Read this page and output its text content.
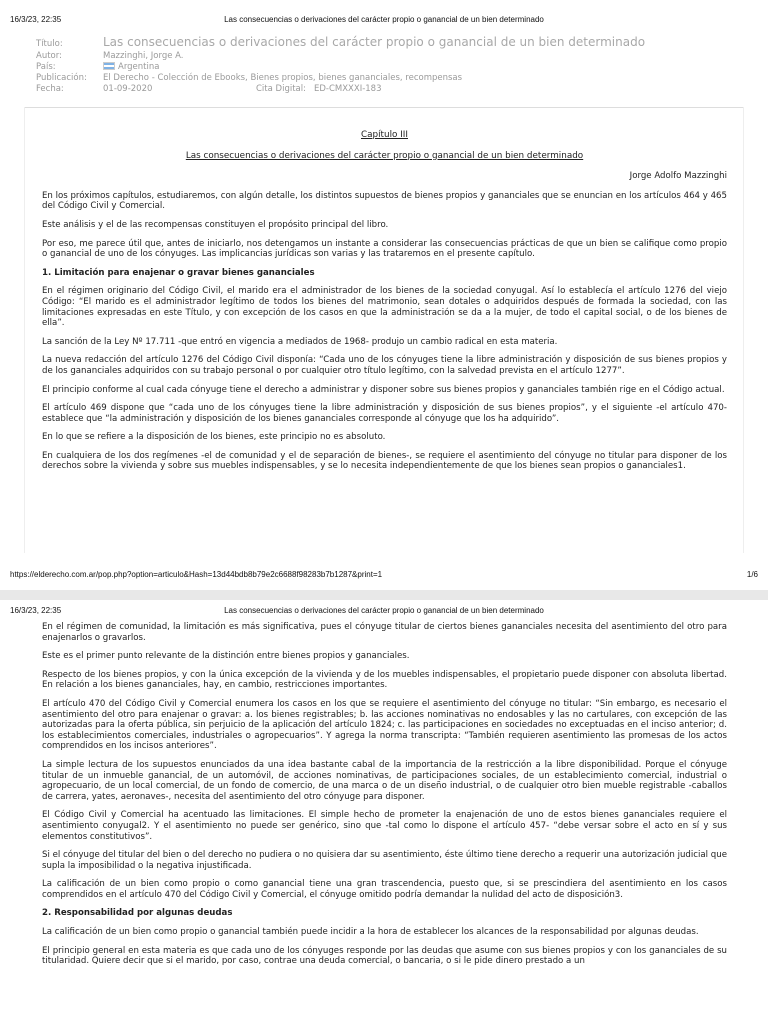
16/3/23, 22:35	Las consecuencias o derivaciones del carácter propio o ganancial de un bien determinado
Título:	Las consecuencias o derivaciones del carácter propio o ganancial de un bien determinado
Autor:	Mazzinghi, Jorge A.
País:	Argentina
Publicación:	El Derecho - Colección de Ebooks, Bienes propios, bienes gananciales, recompensas
Fecha:	01-09-2020	Cita Digital: ED-CMXXXI-183
Capítulo III
Las consecuencias o derivaciones del carácter propio o ganancial de un bien determinado
Jorge Adolfo Mazzinghi

En los próximos capítulos, estudiaremos, con algún detalle, los distintos supuestos de bienes propios y gananciales que se enuncian en los artículos 464 y 465 del Código Civil y Comercial.

Este análisis y el de las recompensas constituyen el propósito principal del libro.

Por eso, me parece útil que, antes de iniciarlo, nos detengamos un instante a considerar las consecuencias prácticas de que un bien se califique como propio o ganancial de uno de los cónyuges. Las implicancias jurídicas son varias y las trataremos en el presente capítulo.

1. Limitación para enajenar o gravar bienes gananciales

En el régimen originario del Código Civil, el marido era el administrador de los bienes de la sociedad conyugal. Así lo establecía el artículo 1276 del viejo Código: “El marido es el administrador legítimo de todos los bienes del matrimonio, sean dotales o adquiridos después de formada la sociedad, con las limitaciones expresadas en este Título, y con excepción de los casos en que la administración se da a la mujer, de todo el capital social, o de los bienes de ella”.

La sanción de la Ley Nº 17.711 -que entró en vigencia a mediados de 1968- produjo un cambio radical en esta materia.

La nueva redacción del artículo 1276 del Código Civil disponía: “Cada uno de los cónyuges tiene la libre administración y disposición de sus bienes propios y de los gananciales adquiridos con su trabajo personal o por cualquier otro título legítimo, con la salvedad prevista en el artículo 1277”.

El principio conforme al cual cada cónyuge tiene el derecho a administrar y disponer sobre sus bienes propios y gananciales también rige en el Código actual.

El artículo 469 dispone que “cada uno de los cónyuges tiene la libre administración y disposición de sus bienes propios”, y el siguiente -el artículo 470- establece que “la administración y disposición de los bienes gananciales corresponde al cónyuge que los ha adquirido”.

En lo que se refiere a la disposición de los bienes, este principio no es absoluto.

En cualquiera de los dos regímenes -el de comunidad y el de separación de bienes-, se requiere el asentimiento del cónyuge no titular para disponer de los derechos sobre la vivienda y sobre sus muebles indispensables, y se lo necesita independientemente de que los bienes sean propios o gananciales1.

https://elderecho.com.ar/pop.php?option=articulo&Hash=13d44bdb8b79e2c6688f98283b7b1287&print=1	1/6
16/3/23, 22:35	Las consecuencias o derivaciones del carácter propio o ganancial de un bien determinado

En el régimen de comunidad, la limitación es más significativa, pues el cónyuge titular de ciertos bienes gananciales necesita del asentimiento del otro para enajenarlos o gravarlos.

Este es el primer punto relevante de la distinción entre bienes propios y gananciales.

Respecto de los bienes propios, y con la única excepción de la vivienda y de los muebles indispensables, el propietario puede disponer con absoluta libertad. En relación a los bienes gananciales, hay, en cambio, restricciones importantes.

El artículo 470 del Código Civil y Comercial enumera los casos en los que se requiere el asentimiento del cónyuge no titular: “Sin embargo, es necesario el asentimiento del otro para enajenar o gravar: a. los bienes registrables; b. las acciones nominativas no endosables y las no cartulares, con excepción de las autorizadas para la oferta pública, sin perjuicio de la aplicación del artículo 1824; c. las participaciones en sociedades no exceptuadas en el inciso anterior; d. los establecimientos comerciales, industriales o agropecuarios”. Y agrega la norma transcripta: “También requieren asentimiento las promesas de los actos comprendidos en los incisos anteriores”.

La simple lectura de los supuestos enunciados da una idea bastante cabal de la importancia de la restricción a la libre disponibilidad. Porque el cónyuge titular de un inmueble ganancial, de un automóvil, de acciones nominativas, de participaciones sociales, de un establecimiento comercial, industrial o agropecuario, de un local comercial, de un fondo de comercio, de una marca o de un diseño industrial, o de cualquier otro bien mueble registrable -caballos de carrera, yates, aeronaves-, necesita del asentimiento del otro cónyuge para disponer.

El Código Civil y Comercial ha acentuado las limitaciones. El simple hecho de prometer la enajenación de uno de estos bienes gananciales requiere el asentimiento conyugal2. Y el asentimiento no puede ser genérico, sino que -tal como lo dispone el artículo 457- “debe versar sobre el acto en sí y sus elementos constitutivos”.

Si el cónyuge del titular del bien o del derecho no pudiera o no quisiera dar su asentimiento, éste último tiene derecho a requerir una autorización judicial que supla la imposibilidad o la negativa injustificada.

La calificación de un bien como propio o como ganancial tiene una gran trascendencia, puesto que, si se prescindiera del asentimiento en los casos comprendidos en el artículo 470 del Código Civil y Comercial, el cónyuge omitido podría demandar la nulidad del acto de disposición3.

2. Responsabilidad por algunas deudas

La calificación de un bien como propio o ganancial también puede incidir a la hora de establecer los alcances de la responsabilidad por algunas deudas.

El principio general en esta materia es que cada uno de los cónyuges responde por las deudas que asume con sus bienes propios y con los gananciales de su titularidad. Quiere decir que si el marido, por caso, contrae una deuda comercial, o bancaria, o si le pide dinero prestado a un
